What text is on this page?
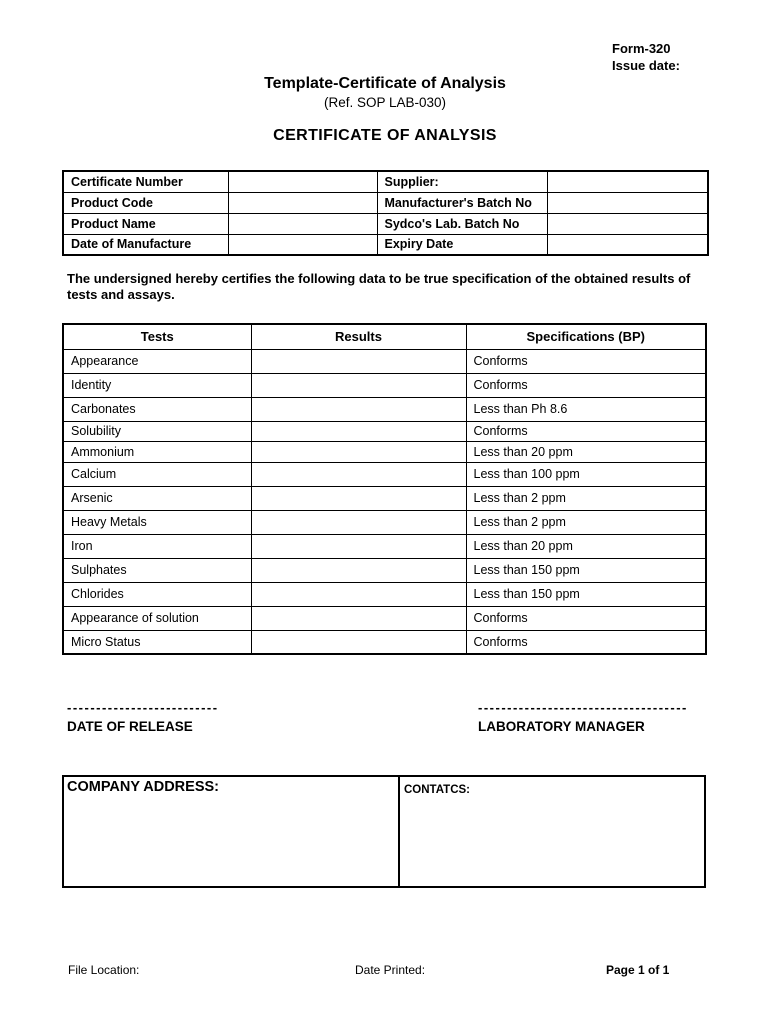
Form-320
Issue date:
Template-Certificate of Analysis
(Ref. SOP LAB-030)
CERTIFICATE OF ANALYSIS
Certificate Number		Supplier:	
Product Code		Manufacturer's Batch No	
Product Name		Sydco's Lab. Batch No	
Date of Manufacture		Expiry Date	
The undersigned hereby certifies the following data to be true specification of the obtained results of tests and assays.
Tests	Results	Specifications (BP)
Appearance		Conforms
Identity		Conforms
Carbonates		Less than Ph 8.6
Solubility		Conforms
Ammonium		Less than 20 ppm
Calcium		Less than 100 ppm
Arsenic		Less than 2 ppm
Heavy Metals		Less than 2 ppm
Iron		Less than 20 ppm
Sulphates		Less than 150 ppm
Chlorides		Less than 150 ppm
Appearance of solution		Conforms
Micro Status		Conforms
--------------------------
DATE OF RELEASE
------------------------------------
LABORATORY MANAGER
COMPANY ADDRESS:	CONTATCS:
File Location:	Date Printed:	Page 1 of 1
